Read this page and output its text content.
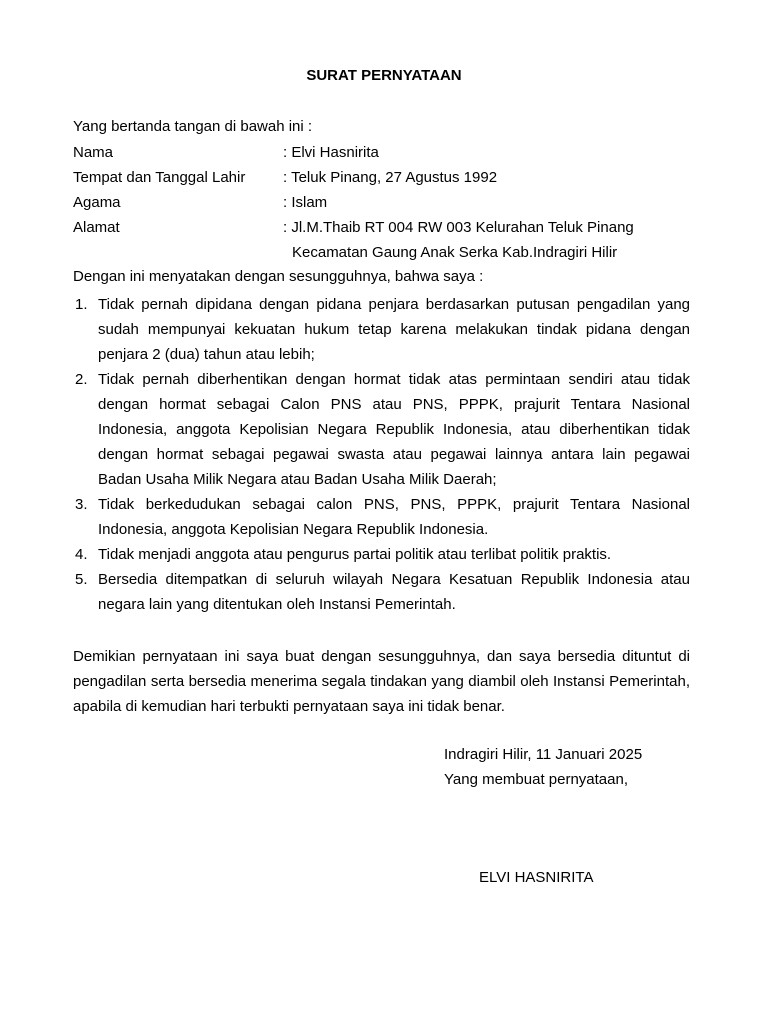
SURAT PERNYATAAN
Yang bertanda tangan di bawah ini :
Nama	: Elvi Hasnirita
Tempat dan Tanggal Lahir	: Teluk Pinang, 27 Agustus 1992
Agama	: Islam
Alamat	: Jl.M.Thaib RT 004 RW 003 Kelurahan Teluk Pinang
Kecamatan Gaung Anak Serka Kab.Indragiri Hilir
Dengan ini menyatakan dengan sesungguhnya, bahwa saya :
1. Tidak pernah dipidana dengan pidana penjara berdasarkan putusan pengadilan yang sudah mempunyai kekuatan hukum tetap karena melakukan tindak pidana dengan penjara 2 (dua) tahun atau lebih;
2. Tidak pernah diberhentikan dengan hormat tidak atas permintaan sendiri atau tidak dengan hormat sebagai Calon PNS atau PNS, PPPK, prajurit Tentara Nasional Indonesia, anggota Kepolisian Negara Republik Indonesia, atau diberhentikan tidak dengan hormat sebagai pegawai swasta atau pegawai lainnya antara lain pegawai Badan Usaha Milik Negara atau Badan Usaha Milik Daerah;
3. Tidak berkedudukan sebagai calon PNS, PNS, PPPK, prajurit Tentara Nasional Indonesia, anggota Kepolisian Negara Republik Indonesia.
4. Tidak menjadi anggota atau pengurus partai politik atau terlibat politik praktis.
5. Bersedia ditempatkan di seluruh wilayah Negara Kesatuan Republik Indonesia atau negara lain yang ditentukan oleh Instansi Pemerintah.
Demikian pernyataan ini saya buat dengan sesungguhnya, dan saya bersedia dituntut di pengadilan serta bersedia menerima segala tindakan yang diambil oleh Instansi Pemerintah, apabila di kemudian hari terbukti pernyataan saya ini tidak benar.
Indragiri Hilir, 11 Januari 2025
Yang membuat pernyataan,
ELVI HASNIRITA
